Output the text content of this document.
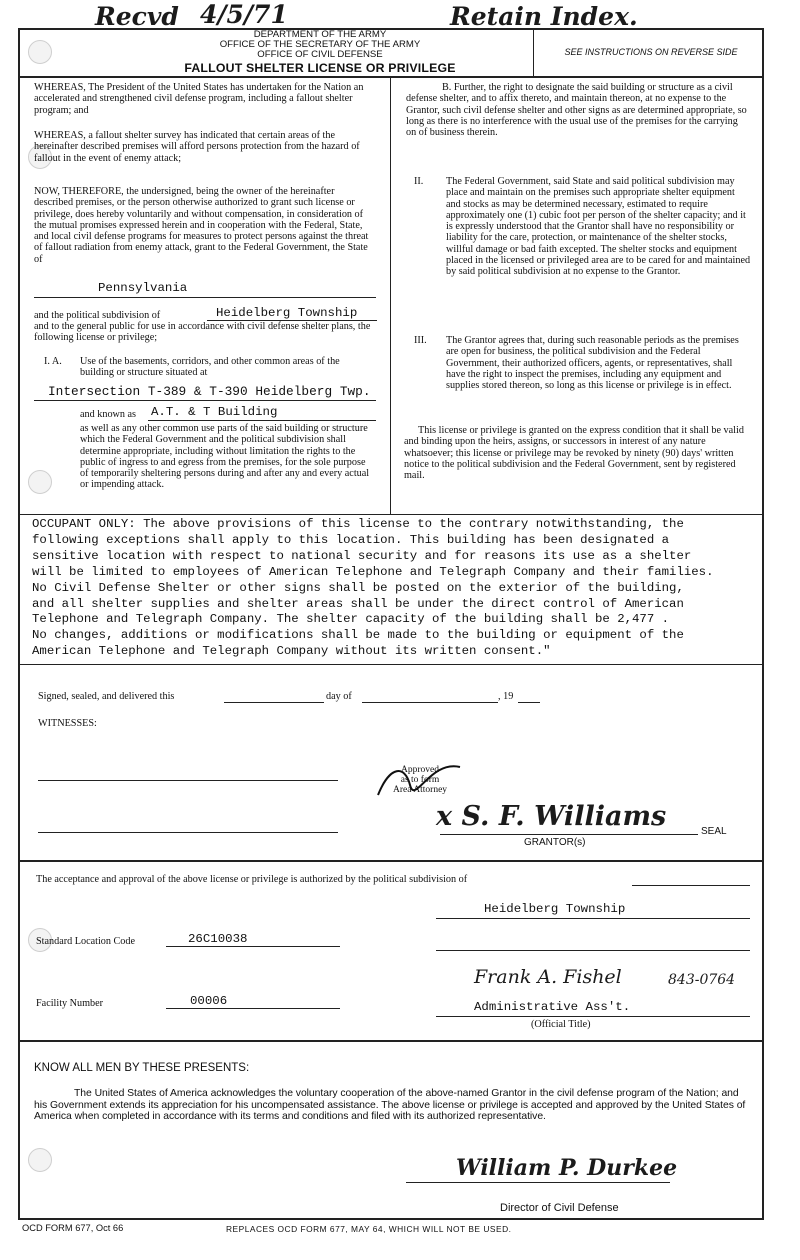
Recvd 4/5/71	Retain Index.
DEPARTMENT OF THE ARMY
OFFICE OF THE SECRETARY OF THE ARMY
OFFICE OF CIVIL DEFENSE
FALLOUT SHELTER LICENSE OR PRIVILEGE
SEE INSTRUCTIONS ON REVERSE SIDE
WHEREAS, The President of the United States has undertaken for the Nation an accelerated and strengthened civil defense program, including a fallout shelter program; and
WHEREAS, a fallout shelter survey has indicated that certain areas of the hereinafter described premises will afford persons protection from the hazard of fallout in the event of enemy attack;
NOW, THEREFORE, the undersigned, being the owner of the hereinafter described premises, or the person otherwise authorized to grant such license or privilege, does hereby voluntarily and without compensation, in consideration of the mutual promises expressed herein and in cooperation with the Federal, State, and local civil defense programs for measures to protect persons against the threat of fallout radiation from enemy attack, grant to the Federal Government, the State of
Pennsylvania
and the political subdivision of	Heidelberg Township
and to the general public for use in accordance with civil defense shelter plans, the following license or privilege;
I. A. Use of the basements, corridors, and other common areas of the building or structure situated at
Intersection T-389 & T-390 Heidelberg Twp.
and known as A.T. & T Building
as well as any other common use parts of the said building or structure which the Federal Government and the political subdivision shall determine appropriate, including without limitation the rights to the public of ingress to and egress from the premises, for the sole purpose of temporarily sheltering persons during and after any and every actual or impending attack.
B. Further, the right to designate the said building or structure as a civil defense shelter, and to affix thereto, and maintain thereon, at no expense to the Grantor, such civil defense shelter and other signs as are determined appropriate, so long as there is no interference with the usual use of the premises for the carrying on of business therein.
II. The Federal Government, said State and said political subdivision may place and maintain on the premises such appropriate shelter equipment and stocks as may be determined necessary, estimated to require approximately one (1) cubic foot per person of the shelter capacity; and it is expressly understood that the Grantor shall have no responsibility or liability for the care, protection, or maintenance of the shelter stocks, willful damage or bad faith excepted. The shelter stocks and equipment placed in the licensed or privileged area are to be cared for and maintained by said political subdivision at no expense to the Grantor.
III. The Grantor agrees that, during such reasonable periods as the premises are open for business, the political subdivision and the Federal Government, their authorized officers, agents, or representatives, shall have the right to inspect the premises, including any equipment and supplies stored thereon, so long as this license or privilege is in effect.
This license or privilege is granted on the express condition that it shall be valid and binding upon the heirs, assigns, or successors in interest of any nature whatsoever; this license or privilege may be revoked by ninety (90) days' written notice to the political subdivision and the Federal Government, sent by registered mail.
OCCUPANT ONLY: The above provisions of this license to the contrary notwithstanding, the
following exceptions shall apply to this location. This building has been designated a
sensitive location with respect to national security and for reasons its use as a shelter
will be limited to employees of American Telephone and Telegraph Company and their families.
No Civil Defense Shelter or other signs shall be posted on the exterior of the building,
and all shelter supplies and shelter areas shall be under the direct control of American
Telephone and Telegraph Company. The shelter capacity of the building shall be 2,477 .
No changes, additions or modifications shall be made to the building or equipment of the
American Telephone and Telegraph Company without its written consent."
Signed, sealed, and delivered this	day of	, 19
WITNESSES:
Approved
as to form
Area Attorney
x S. F. Williams	SEAL
GRANTOR(s)
The acceptance and approval of the above license or privilege is authorized by the political subdivision of
Heidelberg Township
Standard Location Code	26C10038
Frank A. Fishel	843-0764
Facility Number	00006	Administrative Ass't.
(Official Title)
KNOW ALL MEN BY THESE PRESENTS:
The United States of America acknowledges the voluntary cooperation of the above-named Grantor in the civil defense program of the Nation; and his Government extends its appreciation for his uncompensated assistance. The above license or privilege is accepted and approved by the United States of America when completed in accordance with its terms and conditions and filed with its authorized representative.
William P. Durkee
Director of Civil Defense
OCD FORM 677, Oct 66	REPLACES OCD FORM 677, MAY 64, WHICH WILL NOT BE USED.
